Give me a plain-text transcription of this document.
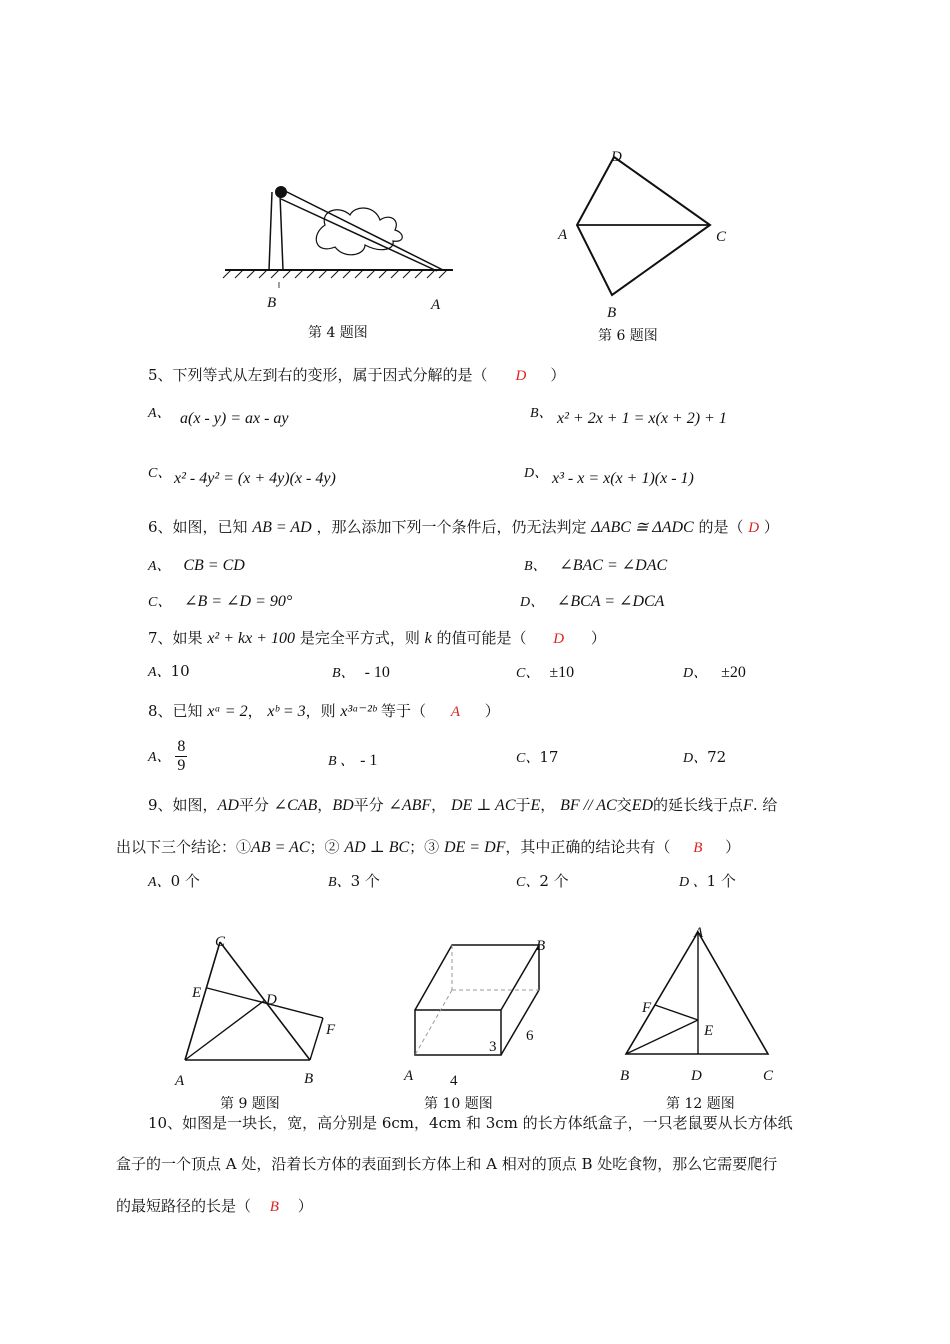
B	A
第 4 题图
D
A	C
B
第 6 题图
5、下列等式从左到右的变形，属于因式分解的是（ D ）
A、 a(x - y) = ax - ay	B、 x² + 2x + 1 = x(x + 2) + 1
C、 x² - 4y² = (x + 4y)(x - 4y)	D、 x³ - x = x(x + 1)(x - 1)
6、如图，已知 AB = AD ，那么添加下列一个条件后，仍无法判定 ΔABC ≅ ΔADC 的是（ D ）
A、 CB = CD	B、 ∠BAC = ∠DAC
C、 ∠B = ∠D = 90°	D、 ∠BCA = ∠DCA
7、如果 x² + kx + 100 是完全平方式，则 k 的值可能是（ D ）
A、10	B、 - 10	C、 ±10	D、 ±20
8、已知 xᵃ = 2， xᵇ = 3，则 x³ᵃ⁻²ᵇ 等于（ A ）
A、 $\frac{8}{9}$	B 、 - 1	C、17	D、72
9、如图，AD平分 ∠CAB，BD平分 ∠ABF， DE ⊥ AC于E， BF // AC交ED的延长线于点F. 给
出以下三个结论：①AB = AC；② AD ⊥ BC；③ DE = DF，其中正确的结论共有（ B ）
A、0 个	B、3 个	C、2 个	D 、1 个
C
E	D
F
A	B
第 9 题图
B
A 4
3
6
第 10 题图
A
F
E
B	D	C
第 12 题图
10、如图是一块长，宽，高分别是 6cm，4cm 和 3cm 的长方体纸盒子，一只老鼠要从长方体纸
盒子的一个顶点 A 处，沿着长方体的表面到长方体上和 A 相对的顶点 B 处吃食物，那么它需要爬行
的最短路径的长是（ B ）
